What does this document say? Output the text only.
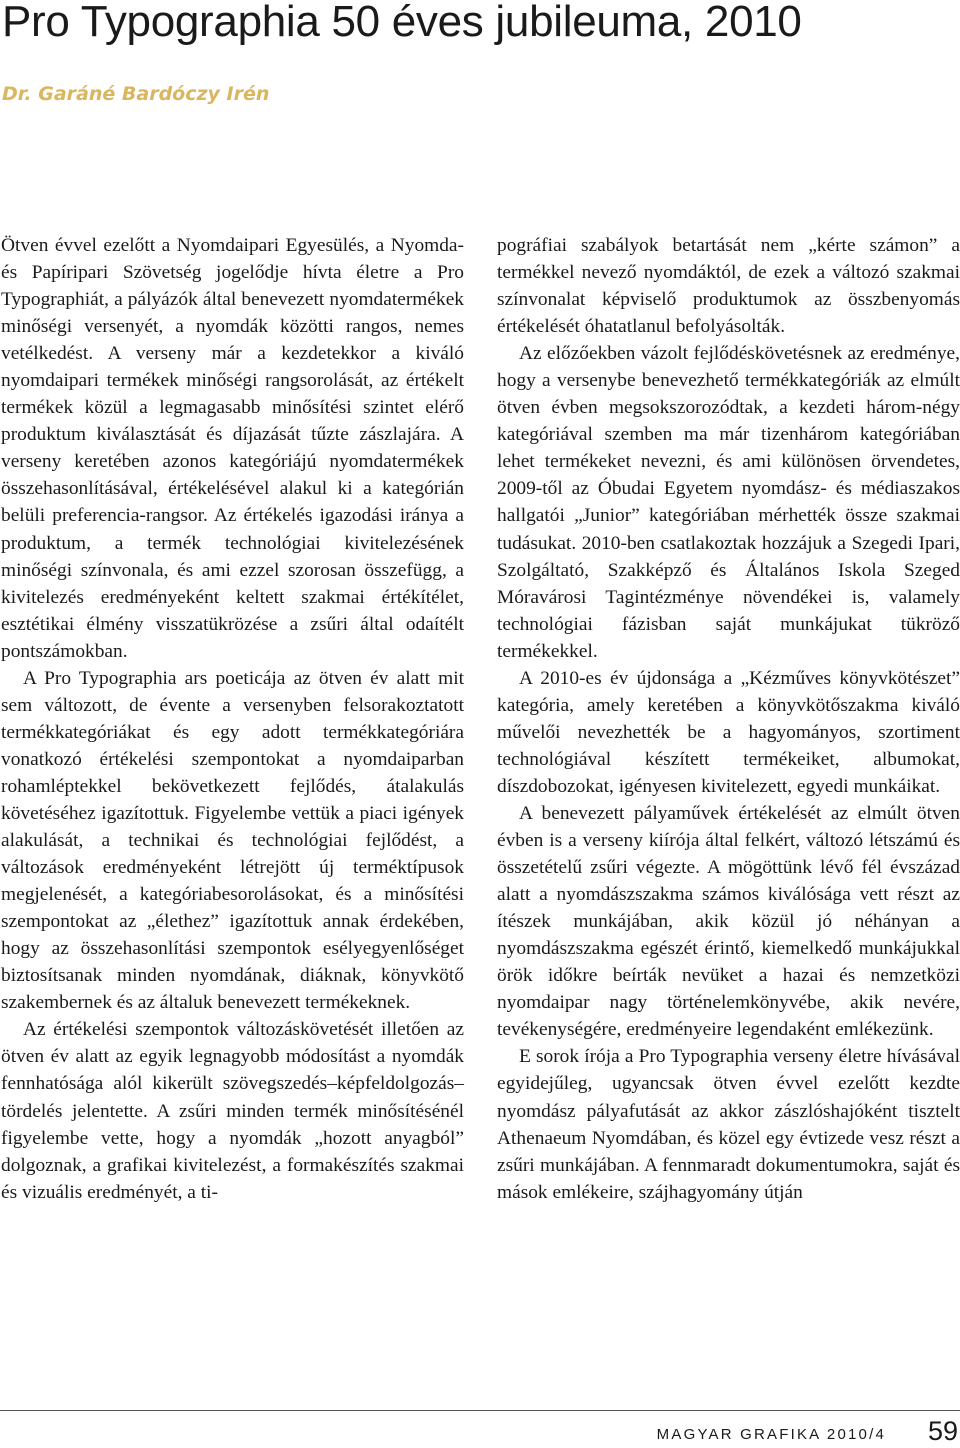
Pro Typographia 50 éves jubileuma, 2010
Dr. Garáné Bardóczy Irén

Ötven évvel ezelőtt a Nyomdaipari Egyesülés, a Nyomda- és Papíripari Szövetség jogelődje hívta életre a Pro Typographiát, a pályázók által benevezett nyomdatermékek minőségi versenyét, a nyomdák közötti rangos, nemes vetélkedést. A verseny már a kezdetekkor a kiváló nyomdaipari termékek minőségi rangsorolását, az értékelt termékek közül a legmagasabb minősítési szintet elérő produktum kiválasztását és díjazását tűzte zászlajára. A verseny keretében azonos kategóriájú nyomdatermékek összehasonlításával, értékelésével alakul ki a kategórián belüli preferencia-rangsor. Az értékelés igazodási iránya a produktum, a termék technológiai kivitelezésének minőségi színvonala, és ami ezzel szorosan összefügg, a kivitelezés eredményeként keltett szakmai értékítélet, esztétikai élmény visszatükrözése a zsűri által odaítélt pontszámokban.

A Pro Typographia ars poeticája az ötven év alatt mit sem változott, de évente a versenyben felsorakoztatott termékkategóriákat és egy adott termékkategóriára vonatkozó értékelési szempontokat a nyomdaiparban rohamléptekkel bekövetkezett fejlődés, átalakulás követéséhez igazítottuk. Figyelembe vettük a piaci igények alakulását, a technikai és technológiai fejlődést, a változások eredményeként létrejött új terméktípusok megjelenését, a kategóriabesorolásokat, és a minősítési szempontokat az „élethez” igazítottuk annak érdekében, hogy az összehasonlítási szempontok esélyegyenlőséget biztosítsanak minden nyomdának, diáknak, könyvkötő szakembernek és az általuk benevezett termékeknek.

Az értékelési szempontok változáskövetését illetően az ötven év alatt az egyik legnagyobb módosítást a nyomdák fennhatósága alól kikerült szövegszedés–képfeldolgozás–tördelés jelentette. A zsűri minden termék minősítésénél figyelembe vette, hogy a nyomdák „hozott anyagból” dolgoznak, a grafikai kivitelezést, a formakészítés szakmai és vizuális eredményét, a ti-

pográfiai szabályok betartását nem „kérte számon” a termékkel nevező nyomdáktól, de ezek a változó szakmai színvonalat képviselő produktumok az összbenyomás értékelését óhatatlanul befolyásolták.

Az előzőekben vázolt fejlődéskövetésnek az eredménye, hogy a versenybe benevezhető termékkategóriák az elmúlt ötven évben megsokszorozódtak, a kezdeti három-négy kategóriával szemben ma már tizenhárom kategóriában lehet termékeket nevezni, és ami különösen örvendetes, 2009-től az Óbudai Egyetem nyomdász- és médiaszakos hallgatói „Junior” kategóriában mérhették össze szakmai tudásukat. 2010-ben csatlakoztak hozzájuk a Szegedi Ipari, Szolgáltató, Szakképző és Általános Iskola Szeged Móravárosi Tagintézménye növendékei is, valamely technológiai fázisban saját munkájukat tükröző termékekkel.

A 2010-es év újdonsága a „Kézműves könyvkötészet” kategória, amely keretében a könyvkötőszakma kiváló művelői nevezhették be a hagyományos, szortiment technológiával készített termékeiket, albumokat, díszdobozokat, igényesen kivitelezett, egyedi munkáikat.

A benevezett pályaművek értékelését az elmúlt ötven évben is a verseny kiírója által felkért, változó létszámú és összetételű zsűri végezte. A mögöttünk lévő fél évszázad alatt a nyomdászszakma számos kiválósága vett részt az ítészek munkájában, akik közül jó néhányan a nyomdászszakma egészét érintő, kiemelkedő munkájukkal örök időkre beírták nevüket a hazai és nemzetközi nyomdaipar nagy történelemkönyvébe, akik nevére, tevékenységére, eredményeire legendaként emlékezünk.

E sorok írója a Pro Typographia verseny életre hívásával egyidejűleg, ugyancsak ötven évvel ezelőtt kezdte nyomdász pályafutását az akkor zászlóshajóként tisztelt Athenaeum Nyomdában, és közel egy évtizede vesz részt a zsűri munkájában. A fennmaradt dokumentumokra, saját és mások emlékeire, szájhagyomány útján

MAGYAR GRAFIKA 2010/4 59
